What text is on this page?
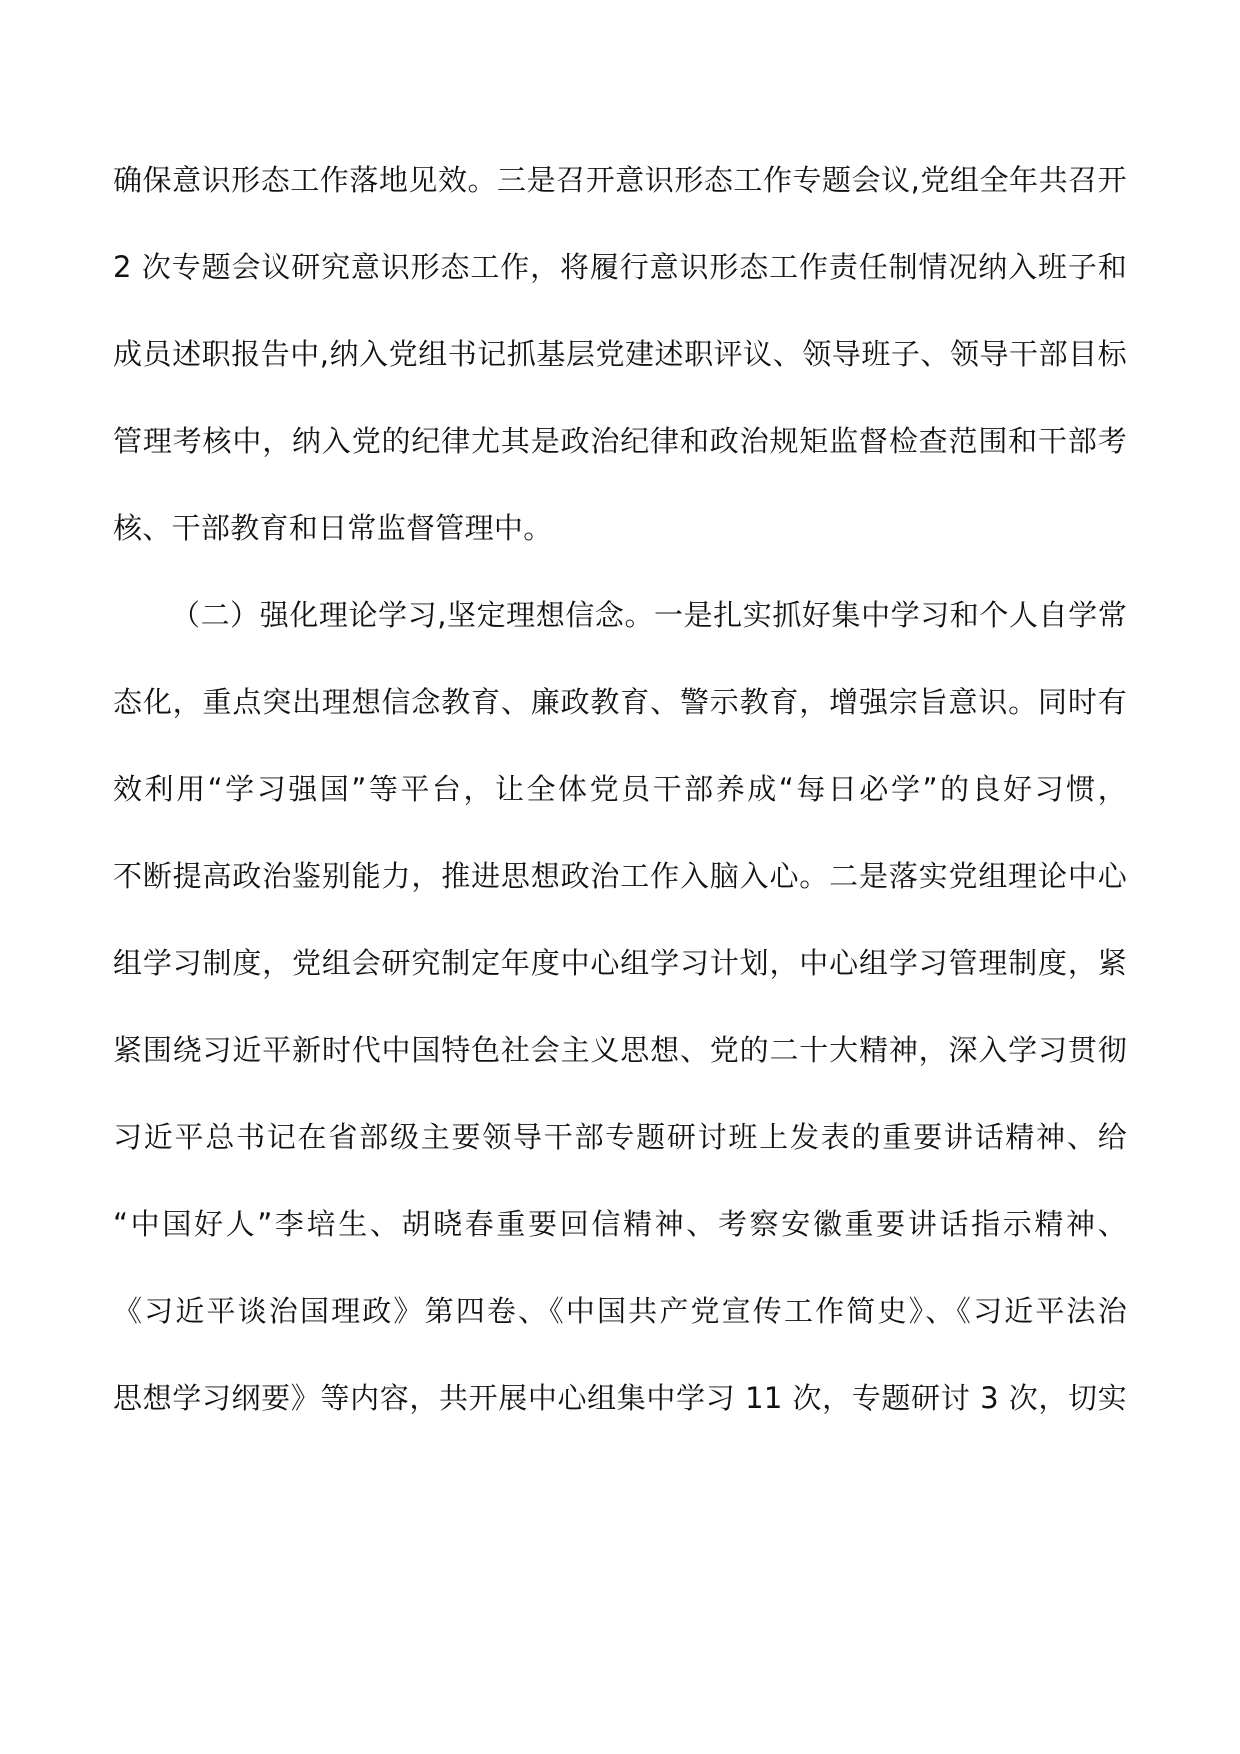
确保意识形态工作落地见效。三是召开意识形态工作专题会议,党组全年共召开
2 次专题会议研究意识形态工作，将履行意识形态工作责任制情况纳入班子和
成员述职报告中,纳入党组书记抓基层党建述职评议、领导班子、领导干部目标
管理考核中，纳入党的纪律尤其是政治纪律和政治规矩监督检查范围和干部考
核、干部教育和日常监督管理中。
（二）强化理论学习,坚定理想信念。一是扎实抓好集中学习和个人自学常
态化，重点突出理想信念教育、廉政教育、警示教育，增强宗旨意识。同时有
效利用“学习强国”等平台，让全体党员干部养成“每日必学”的良好习惯，
不断提高政治鉴别能力，推进思想政治工作入脑入心。二是落实党组理论中心
组学习制度，党组会研究制定年度中心组学习计划，中心组学习管理制度，紧
紧围绕习近平新时代中国特色社会主义思想、党的二十大精神，深入学习贯彻
习近平总书记在省部级主要领导干部专题研讨班上发表的重要讲话精神、给
“中国好人”李培生、胡晓春重要回信精神、考察安徽重要讲话指示精神、
《习近平谈治国理政》第四卷、《中国共产党宣传工作简史》、《习近平法治
思想学习纲要》等内容，共开展中心组集中学习 11 次，专题研讨 3 次，切实
